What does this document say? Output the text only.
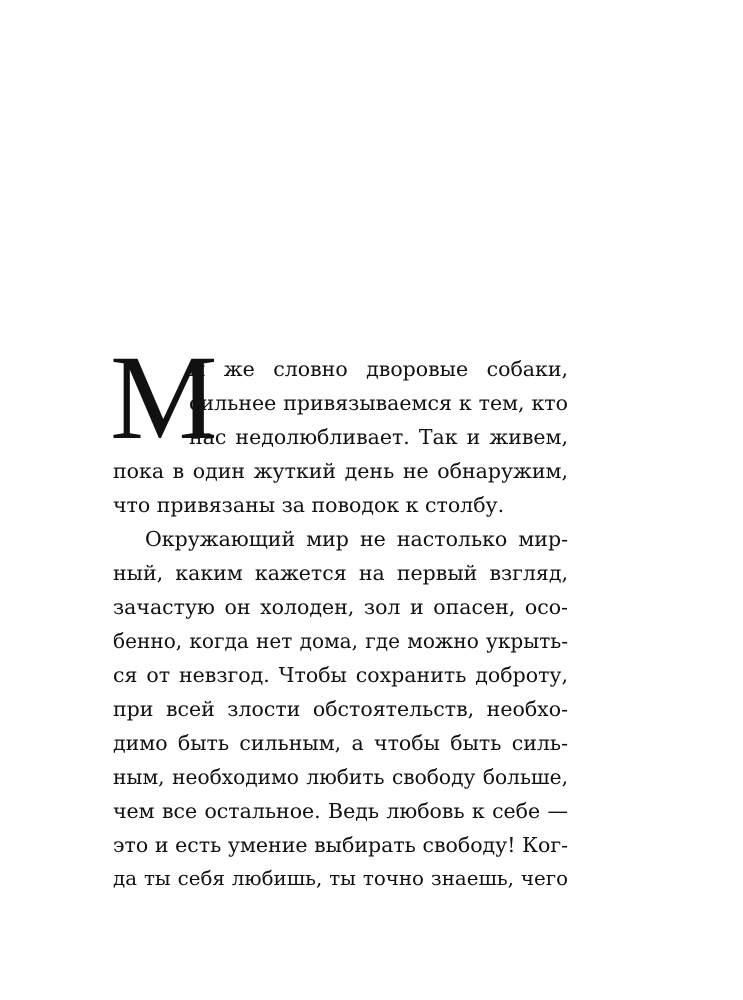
М
ы же словно дворовые собаки,
сильнее привязываемся к тем, кто
нас недолюбливает. Так и живем,
пока в один жуткий день не обнаружим,
что привязаны за поводок к столбу.
Окружающий мир не настолько мир-
ный, каким кажется на первый взгляд,
зачастую он холоден, зол и опасен, осо-
бенно, когда нет дома, где можно укрыть-
ся от невзгод. Чтобы сохранить доброту,
при всей злости обстоятельств, необхо-
димо быть сильным, а чтобы быть силь-
ным, необходимо любить свободу больше,
чем все остальное. Ведь любовь к себе —
это и есть умение выбирать свободу! Ког-
да ты себя любишь, ты точно знаешь, чего
